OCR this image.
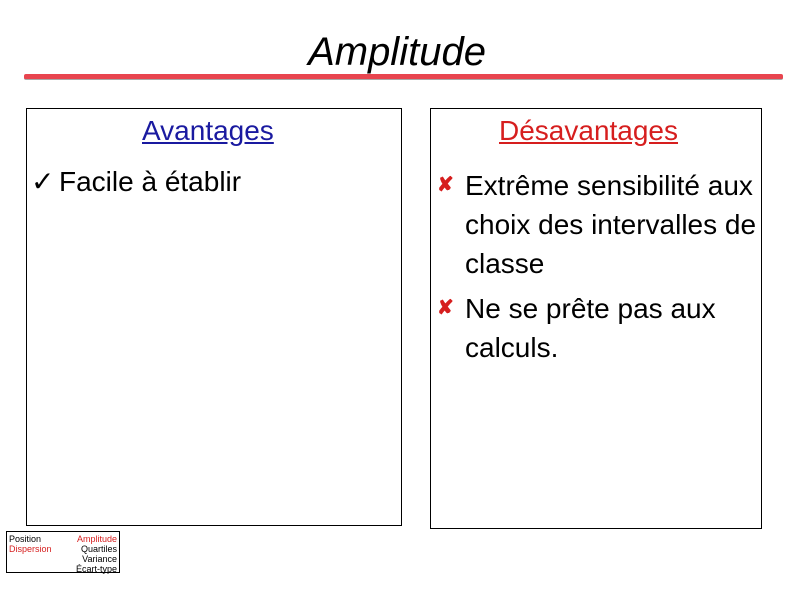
Amplitude
Avantages
✓ Facile à établir
Désavantages
✘ Extrême sensibilité aux choix des intervalles de classe
✘ Ne se prête pas aux calculs.
Position
Dispersion
Amplitude
Quartiles
Variance
Écart-type
